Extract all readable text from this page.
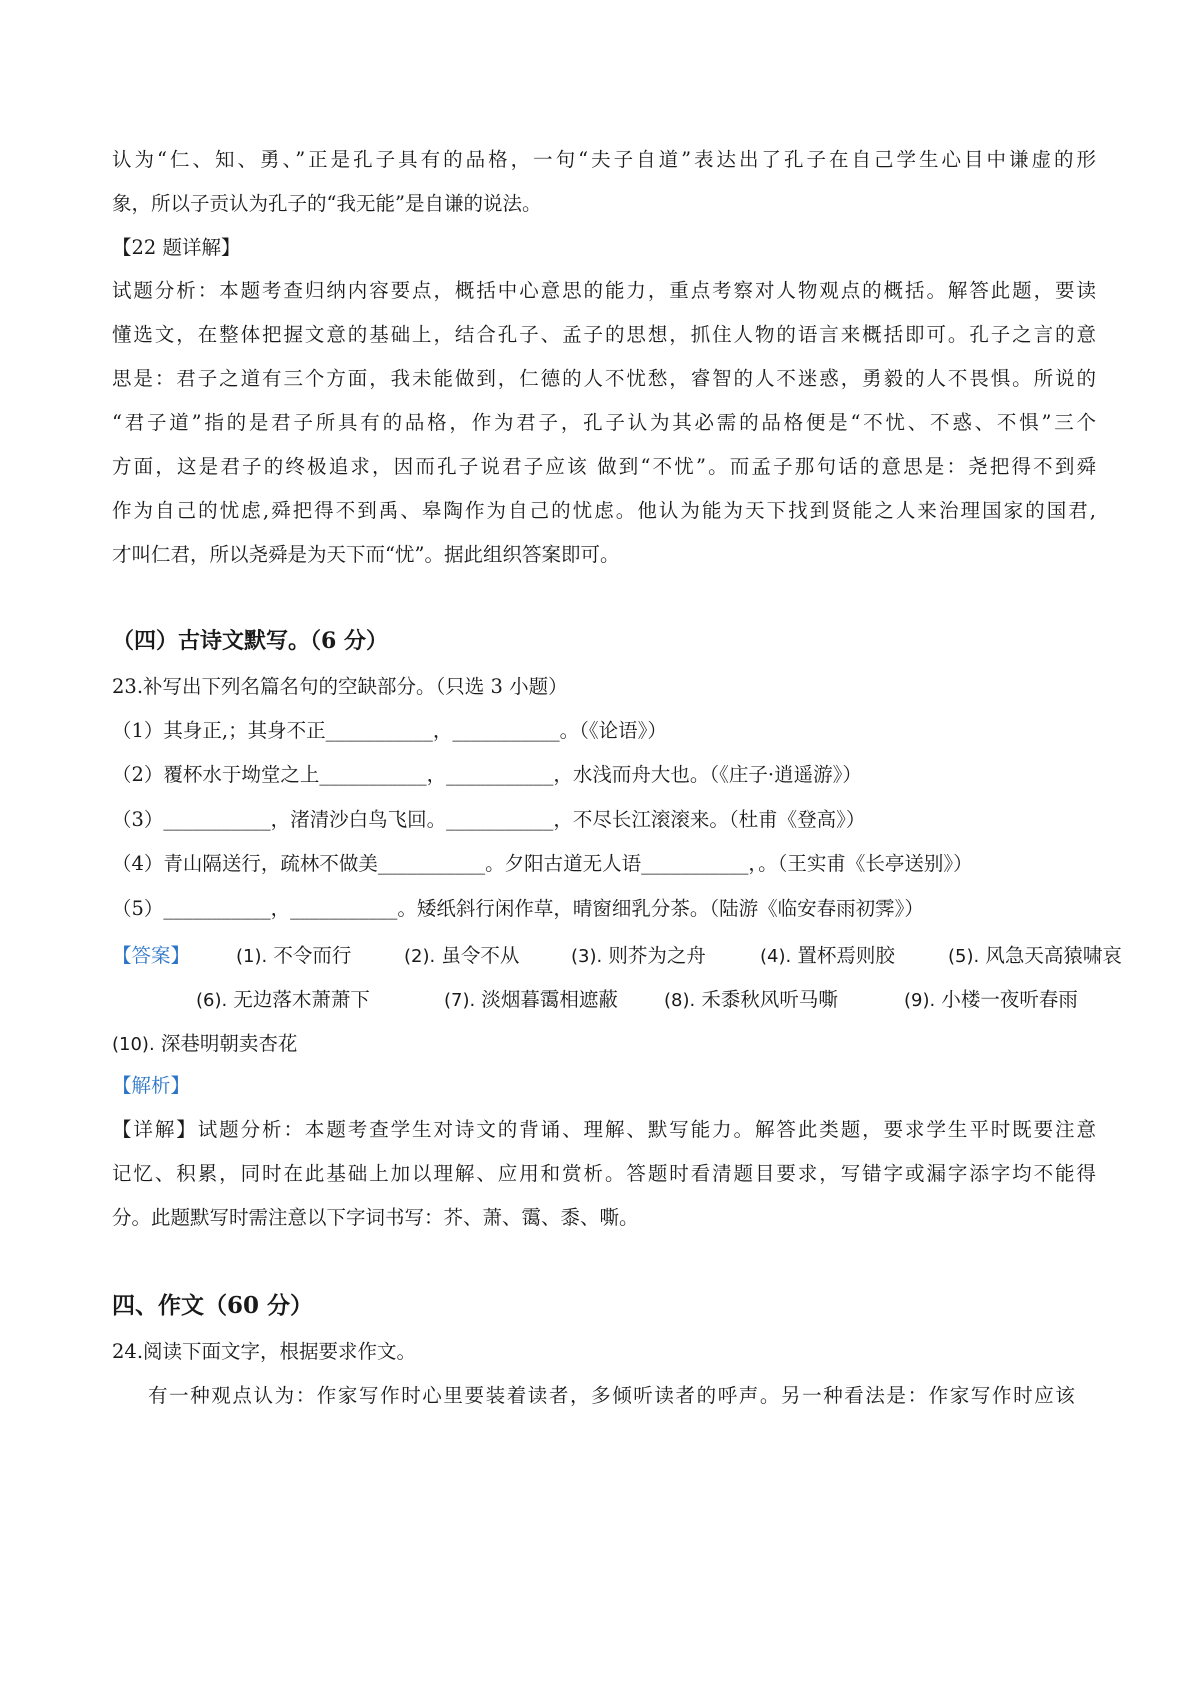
认为“仁、知、勇、”正是孔子具有的品格，一句“夫子自道”表达出了孔子在自己学生心目中谦虚的形
象，所以子贡认为孔子的“我无能”是自谦的说法。
【22 题详解】
试题分析：本题考查归纳内容要点，概括中心意思的能力，重点考察对人物观点的概括。解答此题，要读
懂选文，在整体把握文意的基础上，结合孔子、孟子的思想，抓住人物的语言来概括即可。孔子之言的意
思是：君子之道有三个方面，我未能做到，仁德的人不忧愁，睿智的人不迷惑，勇毅的人不畏惧。所说的
“君子道”指的是君子所具有的品格，作为君子，孔子认为其必需的品格便是“不忧、不惑、不惧”三个
方面，这是君子的终极追求，因而孔子说君子应该 做到“不忧”。而孟子那句话的意思是：尧把得不到舜
作为自己的忧虑,舜把得不到禹、皋陶作为自己的忧虑。他认为能为天下找到贤能之人来治理国家的国君,
才叫仁君，所以尧舜是为天下而“忧”。据此组织答案即可。
（四）古诗文默写。（6 分）
23.补写出下列名篇名句的空缺部分。（只选 3 小题）
（1）其身正,；其身不正___________，___________。（《论语》）
（2）覆杯水于坳堂之上___________，___________，水浅而舟大也。（《庄子·逍遥游》）
（3）___________，渚清沙白鸟飞回。___________，不尽长江滚滚来。（杜甫《登高》）
（4）青山隔送行，疏林不做美___________。夕阳古道无人语___________，。（王实甫《长亭送别》）
（5）___________，___________。矮纸斜行闲作草，晴窗细乳分茶。（陆游《临安春雨初霁》）
【答案】	(1). 不令而行	(2). 虽令不从	(3). 则芥为之舟	(4). 置杯焉则胶	(5). 风急天高猿啸哀
(6). 无边落木萧萧下	(7). 淡烟暮霭相遮蔽	(8). 禾黍秋风听马嘶	(9). 小楼一夜听春雨
(10). 深巷明朝卖杏花
【解析】
【详解】试题分析：本题考查学生对诗文的背诵、理解、默写能力。解答此类题，要求学生平时既要注意
记忆、积累，同时在此基础上加以理解、应用和赏析。答题时看清题目要求，写错字或漏字添字均不能得
分。此题默写时需注意以下字词书写：芥、萧、霭、黍、嘶。
四、作文（60 分）
24.阅读下面文字，根据要求作文。
有一种观点认为：作家写作时心里要装着读者，多倾听读者的呼声。另一种看法是：作家写作时应该
